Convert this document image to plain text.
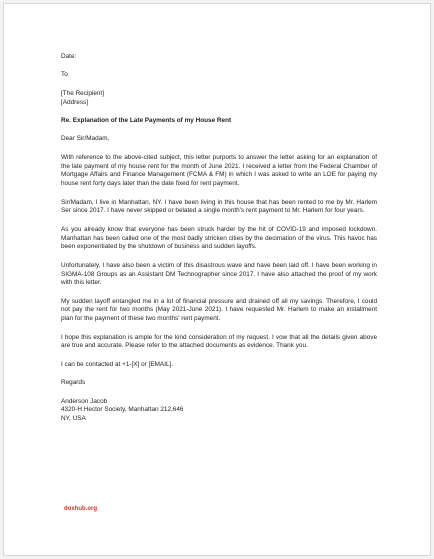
Date:

To

[The Recipient]
[Address]

Re. Explanation of the Late Payments of my House Rent

Dear Sir/Madam,

With reference to the above-cited subject, this letter purports to answer the letter asking for an explanation of the late payment of my house rent for the month of June 2021. I received a letter from the Federal Chamber of Mortgage Affairs and Finance Management (FCMA & FM) in which I was asked to write an LOE for paying my house rent forty days later than the date fixed for rent payment.

Sir/Madam, I live in Manhattan, NY. I have been living in this house that has been rented to me by Mr. Harlem Ser since 2017. I have never skipped or belated a single month's rent payment to Mr. Harlem for four years.

As you already know that everyone has been struck harder by the hit of COVID-19 and imposed lockdown. Manhattan has been called one of the most badly stricken cities by the decimation of the virus. This havoc has been exponentiated by the shutdown of business and sudden layoffs.

Unfortunately, I have also been a victim of this disastrous wave and have been laid off. I have been working in SIGMA-108 Groups as an Assistant DM Technographer since 2017. I have also attached the proof of my work with this letter.

My sudden layoff entangled me in a lot of financial pressure and drained off all my savings. Therefore, I could not pay the rent for two months (May 2021-June 2021). I have requested Mr. Harlem to make an installment plan for the payment of these two months' rent payment.

I hope this explanation is ample for the kind consideration of my request. I vow that all the details given above are true and accurate. Please refer to the attached documents as evidence. Thank you.

I can be contacted at +1-[X] or [EMAIL].

Regards

Anderson Jacob
4320-H Hector Society, Manhattan 212,646
NY, USA

doxhub.org
